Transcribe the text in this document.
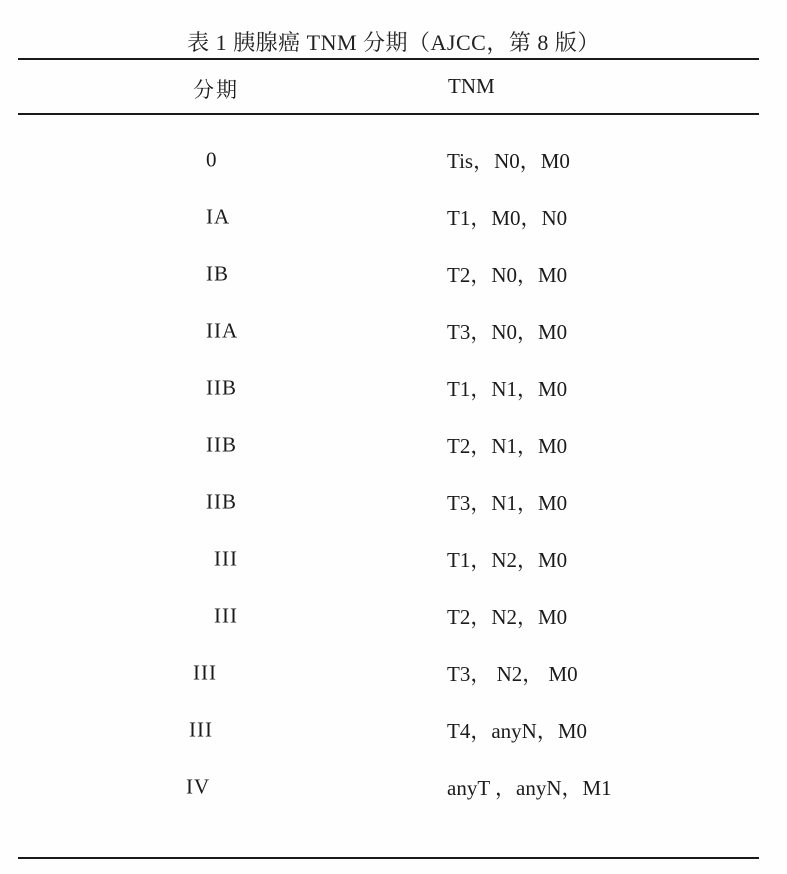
表 1 胰腺癌 TNM 分期（AJCC，第 8 版）
分期	TNM
0	Tis，N0，M0
IA	T1，M0，N0
IB	T2，N0，M0
IIA	T3，N0，M0
IIB	T1，N1，M0
IIB	T2，N1，M0
IIB	T3，N1，M0
III	T1，N2，M0
III	T2，N2，M0
III	T3， N2， M0
III	T4，anyN，M0
IV	anyT ，anyN，M1
